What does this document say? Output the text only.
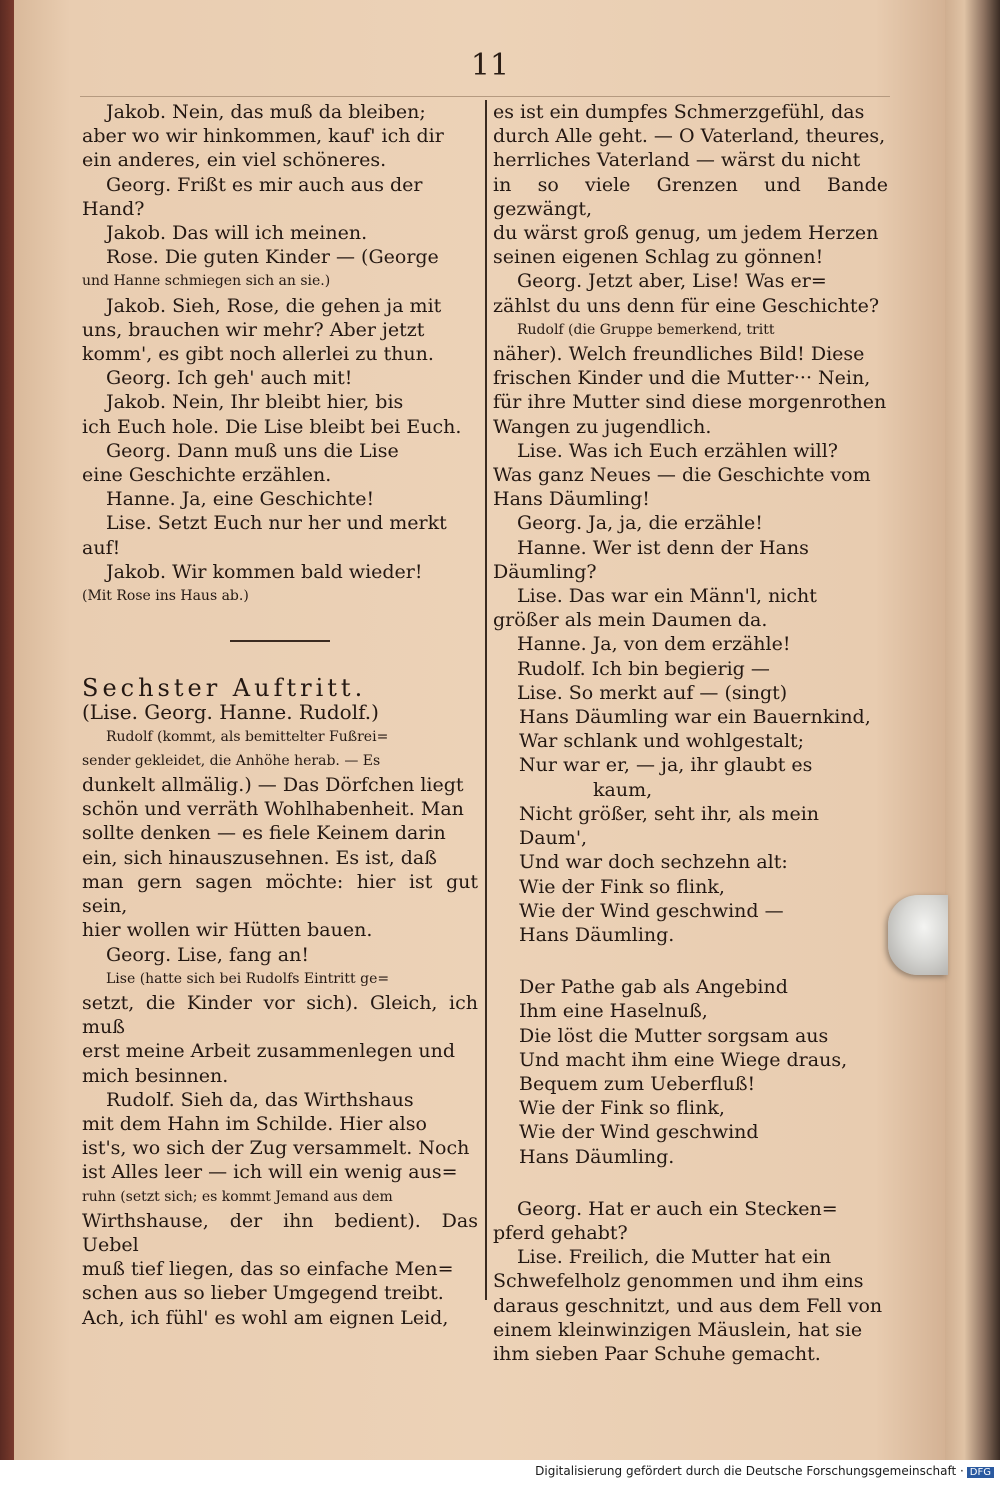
11

Jakob. Nein, das muß da bleiben;

aber wo wir hinkommen, kauf' ich dir

ein anderes, ein viel schöneres.

Georg. Frißt es mir auch aus der

Hand?

Jakob. Das will ich meinen.

Rose. Die guten Kinder — (George

und Hanne schmiegen sich an sie.)

Jakob. Sieh, Rose, die gehen ja mit

uns, brauchen wir mehr? Aber jetzt

komm', es gibt noch allerlei zu thun.

Georg. Ich geh' auch mit!

Jakob. Nein, Ihr bleibt hier, bis

ich Euch hole. Die Lise bleibt bei Euch.

Georg. Dann muß uns die Lise

eine Geschichte erzählen.

Hanne. Ja, eine Geschichte!

Lise. Setzt Euch nur her und merkt

auf!

Jakob. Wir kommen bald wieder!

(Mit Rose ins Haus ab.)

Sechster Auftritt.

(Lise. Georg. Hanne. Rudolf.)

Rudolf (kommt, als bemittelter Fußrei=

sender gekleidet, die Anhöhe herab. — Es

dunkelt allmälig.) — Das Dörfchen liegt

schön und verräth Wohlhabenheit. Man

sollte denken — es fiele Keinem darin

ein, sich hinauszusehnen. Es ist, daß

man gern sagen möchte: hier ist gut sein,

hier wollen wir Hütten bauen.

Georg. Lise, fang an!

Lise (hatte sich bei Rudolfs Eintritt ge=

setzt, die Kinder vor sich). Gleich, ich muß

erst meine Arbeit zusammenlegen und

mich besinnen.

Rudolf. Sieh da, das Wirthshaus

mit dem Hahn im Schilde. Hier also

ist's, wo sich der Zug versammelt. Noch

ist Alles leer — ich will ein wenig aus=

ruhn (setzt sich; es kommt Jemand aus dem

Wirthshause, der ihn bedient). Das Uebel

muß tief liegen, das so einfache Men=

schen aus so lieber Umgegend treibt.

Ach, ich fühl' es wohl am eignen Leid,

es ist ein dumpfes Schmerzgefühl, das

durch Alle geht. — O Vaterland, theures,

herrliches Vaterland — wärst du nicht

in so viele Grenzen und Bande gezwängt,

du wärst groß genug, um jedem Herzen

seinen eigenen Schlag zu gönnen!

Georg. Jetzt aber, Lise! Was er=

zählst du uns denn für eine Geschichte?

Rudolf (die Gruppe bemerkend, tritt

näher). Welch freundliches Bild! Diese

frischen Kinder und die Mutter··· Nein,

für ihre Mutter sind diese morgenrothen

Wangen zu jugendlich.

Lise. Was ich Euch erzählen will?

Was ganz Neues — die Geschichte vom

Hans Däumling!

Georg. Ja, ja, die erzähle!

Hanne. Wer ist denn der Hans

Däumling?

Lise. Das war ein Männ'l, nicht

größer als mein Daumen da.

Hanne. Ja, von dem erzähle!

Rudolf. Ich bin begierig —

Lise. So merkt auf — (singt)

Hans Däumling war ein Bauernkind,

War schlank und wohlgestalt;

Nur war er, — ja, ihr glaubt es

kaum,

Nicht größer, seht ihr, als mein Daum',

Und war doch sechzehn alt:

Wie der Fink so flink,

Wie der Wind geschwind —

Hans Däumling.

Der Pathe gab als Angebind

Ihm eine Haselnuß,

Die löst die Mutter sorgsam aus

Und macht ihm eine Wiege draus,

Bequem zum Ueberfluß!

Wie der Fink so flink,

Wie der Wind geschwind

Hans Däumling.

Georg. Hat er auch ein Stecken=

pferd gehabt?

Lise. Freilich, die Mutter hat ein

Schwefelholz genommen und ihm eins

daraus geschnitzt, und aus dem Fell von

einem kleinwinzigen Mäuslein, hat sie

ihm sieben Paar Schuhe gemacht.

Digitalisierung gefördert durch die Deutsche Forschungsgemeinschaft · DFG
